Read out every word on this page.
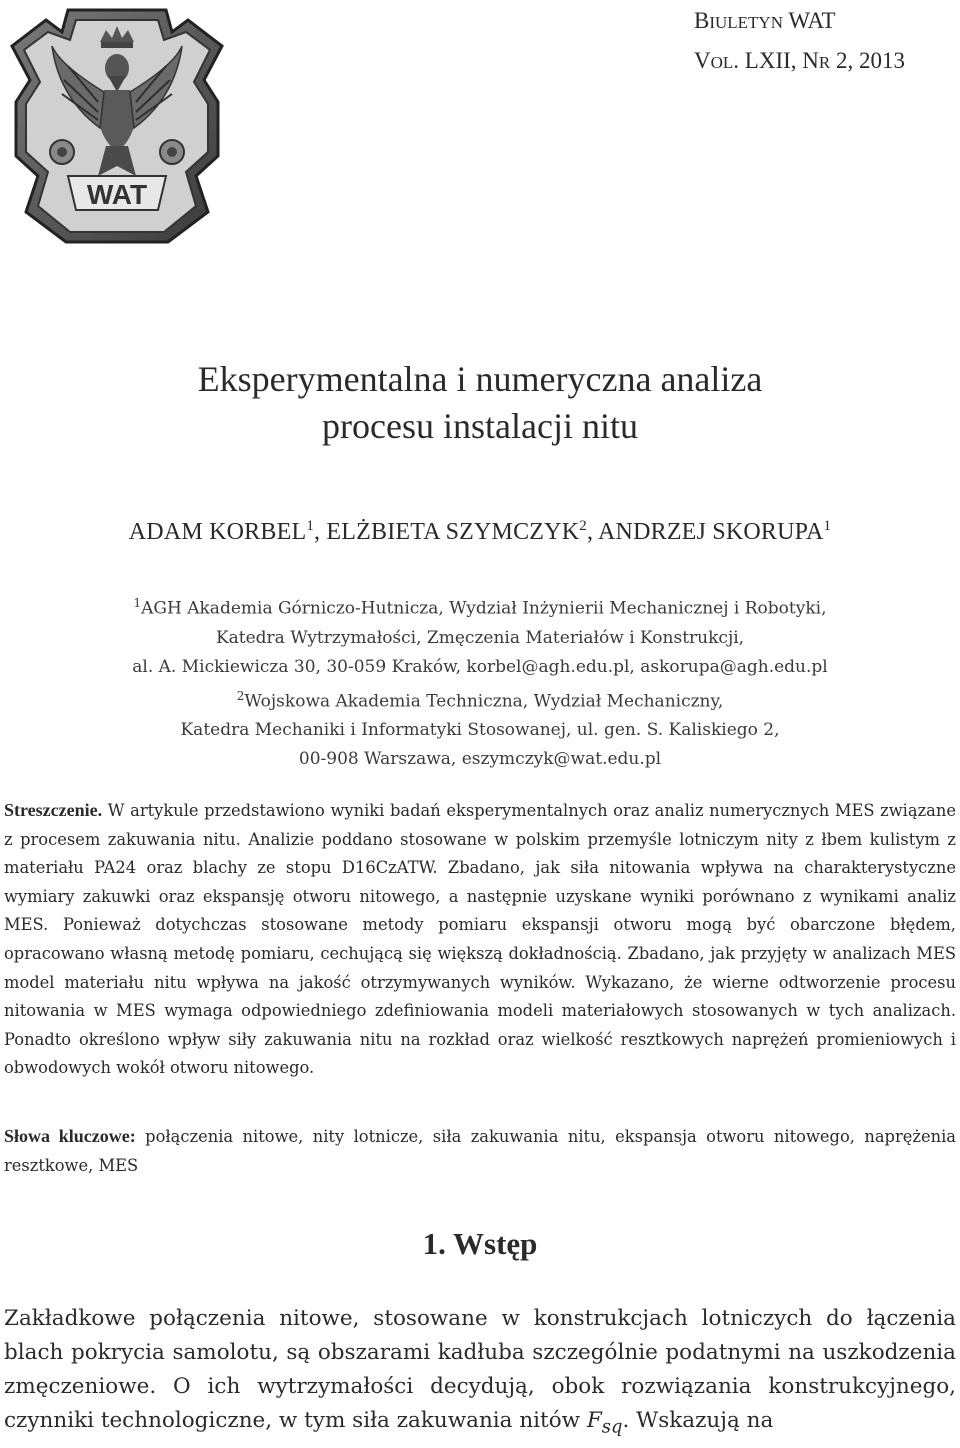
BIULETYN WAT
VOL. LXII, NR 2, 2013
WAT
Eksperymentalna i numeryczna analiza
procesu instalacji nitu
ADAM KORBEL$^1$, ELŻBIETA SZYMCZYK$^2$, ANDRZEJ SKORUPA$^1$
$^1$AGH Akademia Górniczo-Hutnicza, Wydział Inżynierii Mechanicznej i Robotyki,
Katedra Wytrzymałości, Zmęczenia Materiałów i Konstrukcji,
al. A. Mickiewicza 30, 30-059 Kraków, korbel@agh.edu.pl, askorupa@agh.edu.pl
$^2$Wojskowa Akademia Techniczna, Wydział Mechaniczny,
Katedra Mechaniki i Informatyki Stosowanej, ul. gen. S. Kaliskiego 2,
00-908 Warszawa, eszymczyk@wat.edu.pl
Streszczenie. W artykule przedstawiono wyniki badań eksperymentalnych oraz analiz numerycznych MES związane z procesem zakuwania nitu. Analizie poddano stosowane w polskim przemyśle lotniczym nity z łbem kulistym z materiału PA24 oraz blachy ze stopu D16CzATW. Zbadano, jak siła nitowania wpływa na charakterystyczne wymiary zakuwki oraz ekspansję otworu nitowego, a następnie uzyskane wyniki porównano z wynikami analiz MES. Ponieważ dotychczas stosowane metody pomiaru ekspansji otworu mogą być obarczone błędem, opracowano własną metodę pomiaru, cechującą się większą dokładnością. Zbadano, jak przyjęty w analizach MES model materiału nitu wpływa na jakość otrzymywanych wyników. Wykazano, że wierne odtworzenie procesu nitowania w MES wymaga odpowiedniego zdefiniowania modeli materiałowych stosowanych w tych analizach. Ponadto określono wpływ siły zakuwania nitu na rozkład oraz wielkość resztkowych naprężeń promieniowych i obwodowych wokół otworu nitowego.
Słowa kluczowe: połączenia nitowe, nity lotnicze, siła zakuwania nitu, ekspansja otworu nitowego, naprężenia resztkowe, MES
1. Wstęp
Zakładkowe połączenia nitowe, stosowane w konstrukcjach lotniczych do łączenia blach pokrycia samolotu, są obszarami kadłuba szczególnie podatnymi na uszkodzenia zmęczeniowe. O ich wytrzymałości decydują, obok rozwiązania konstrukcyjnego, czynniki technologiczne, w tym siła zakuwania nitów $F_{sq}$. Wskazują na
